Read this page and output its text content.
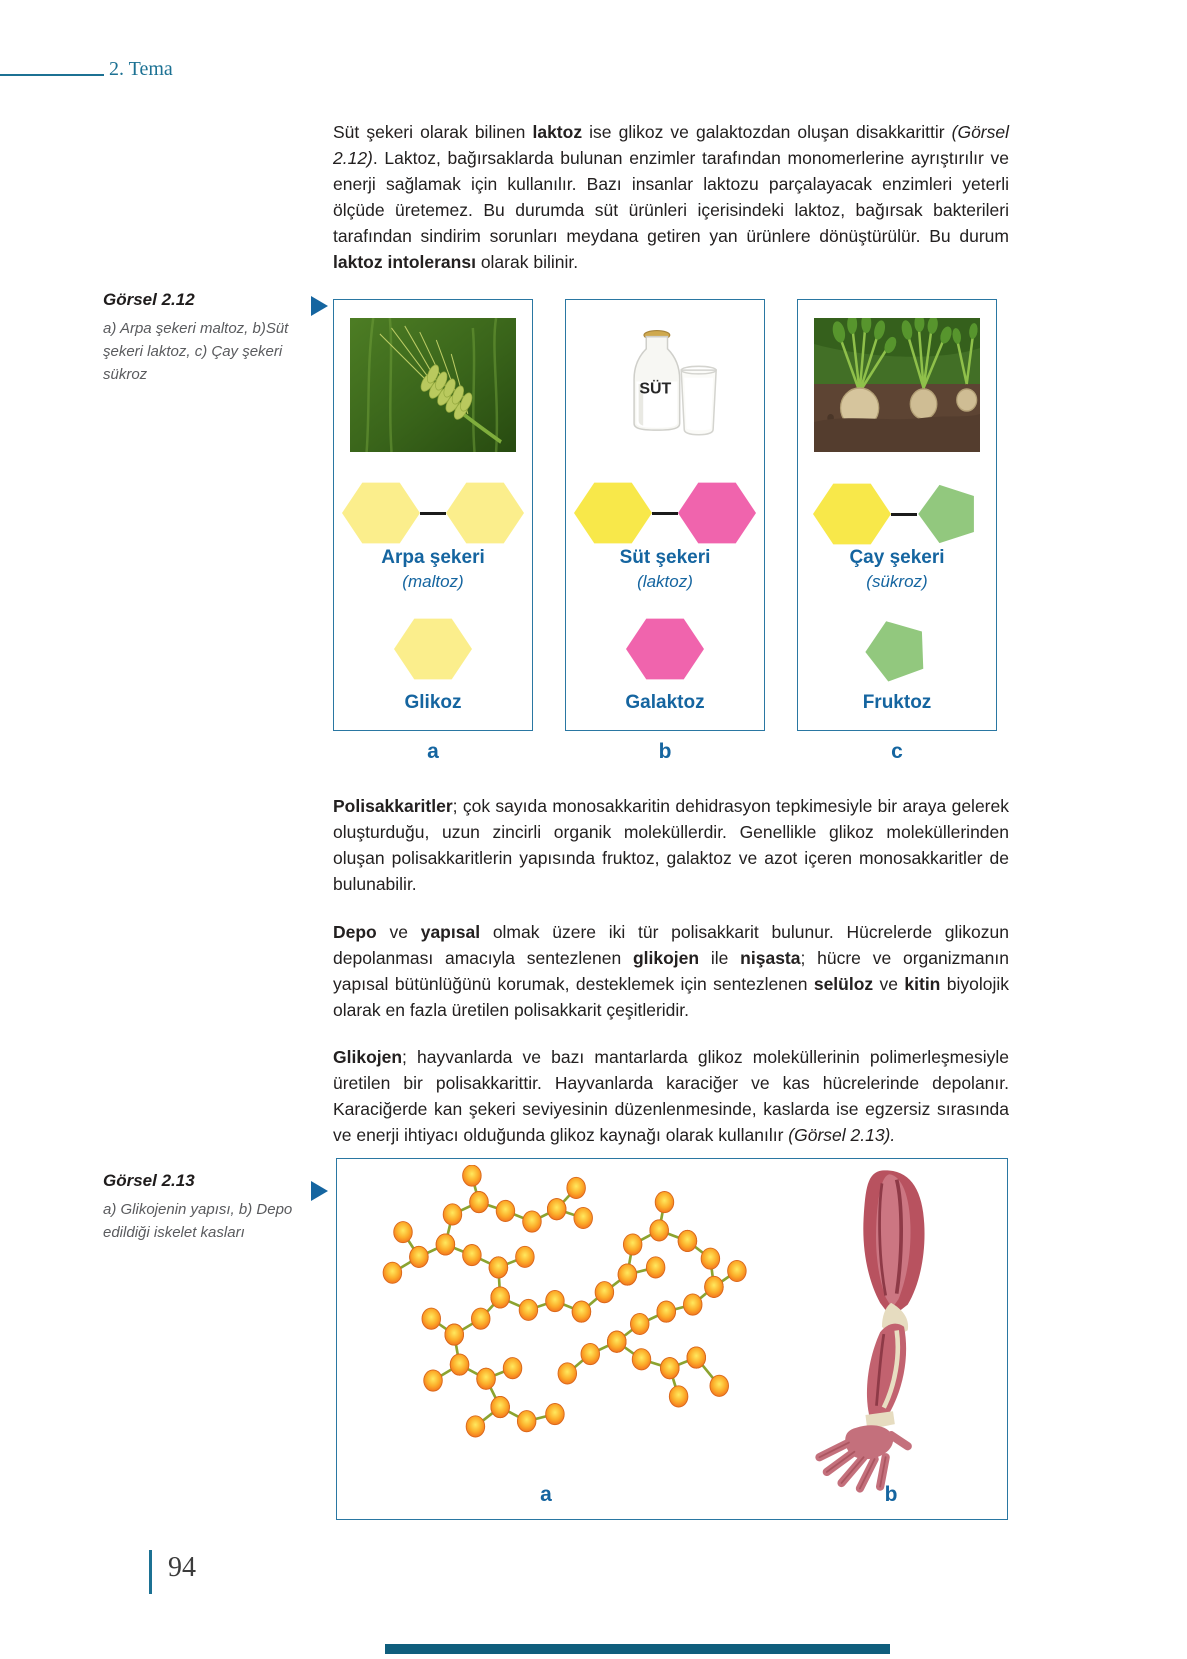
2. Tema
Süt şekeri olarak bilinen laktoz ise glikoz ve galaktozdan oluşan disakkarittir (Görsel 2.12). Laktoz, bağırsaklarda bulunan enzimler tarafından monomerlerine ayrıştırılır ve enerji sağlamak için kullanılır. Bazı insanlar laktozu parçalayacak enzimleri yeterli ölçüde üretemez. Bu durumda süt ürünleri içerisindeki laktoz, bağırsak bakterileri tarafından sindirim sorunları meydana getiren yan ürünlere dönüştürülür. Bu durum laktoz intoleransı olarak bilinir.
Görsel 2.12
a) Arpa şekeri maltoz, b)Süt şekeri laktoz, c) Çay şekeri sükroz
Arpa şekeri
(maltoz)
Glikoz
SÜT
Süt şekeri
(laktoz)
Galaktoz
Çay şekeri
(sükroz)
Fruktoz
a	b	c
Polisakkaritler; çok sayıda monosakkaritin dehidrasyon tepkimesiyle bir araya gelerek oluşturduğu, uzun zincirli organik moleküllerdir. Genellikle glikoz moleküllerinden oluşan polisakkaritlerin yapısında fruktoz, galaktoz ve azot içeren monosakkaritler de bulunabilir.
Depo ve yapısal olmak üzere iki tür polisakkarit bulunur. Hücrelerde glikozun depolanması amacıyla sentezlenen glikojen ile nişasta; hücre ve organizmanın yapısal bütünlüğünü korumak, desteklemek için sentezlenen selüloz ve kitin biyolojik olarak en fazla üretilen polisakkarit çeşitleridir.
Glikojen; hayvanlarda ve bazı mantarlarda glikoz moleküllerinin polimerleşmesiyle üretilen bir polisakkarittir. Hayvanlarda karaciğer ve kas hücrelerinde depolanır. Karaciğerde kan şekeri seviyesinin düzenlenmesinde, kaslarda ise egzersiz sırasında ve enerji ihtiyacı olduğunda glikoz kaynağı olarak kullanılır (Görsel 2.13).
Görsel 2.13
a) Glikojenin yapısı, b) Depo edildiği iskelet kasları
a	b
94
